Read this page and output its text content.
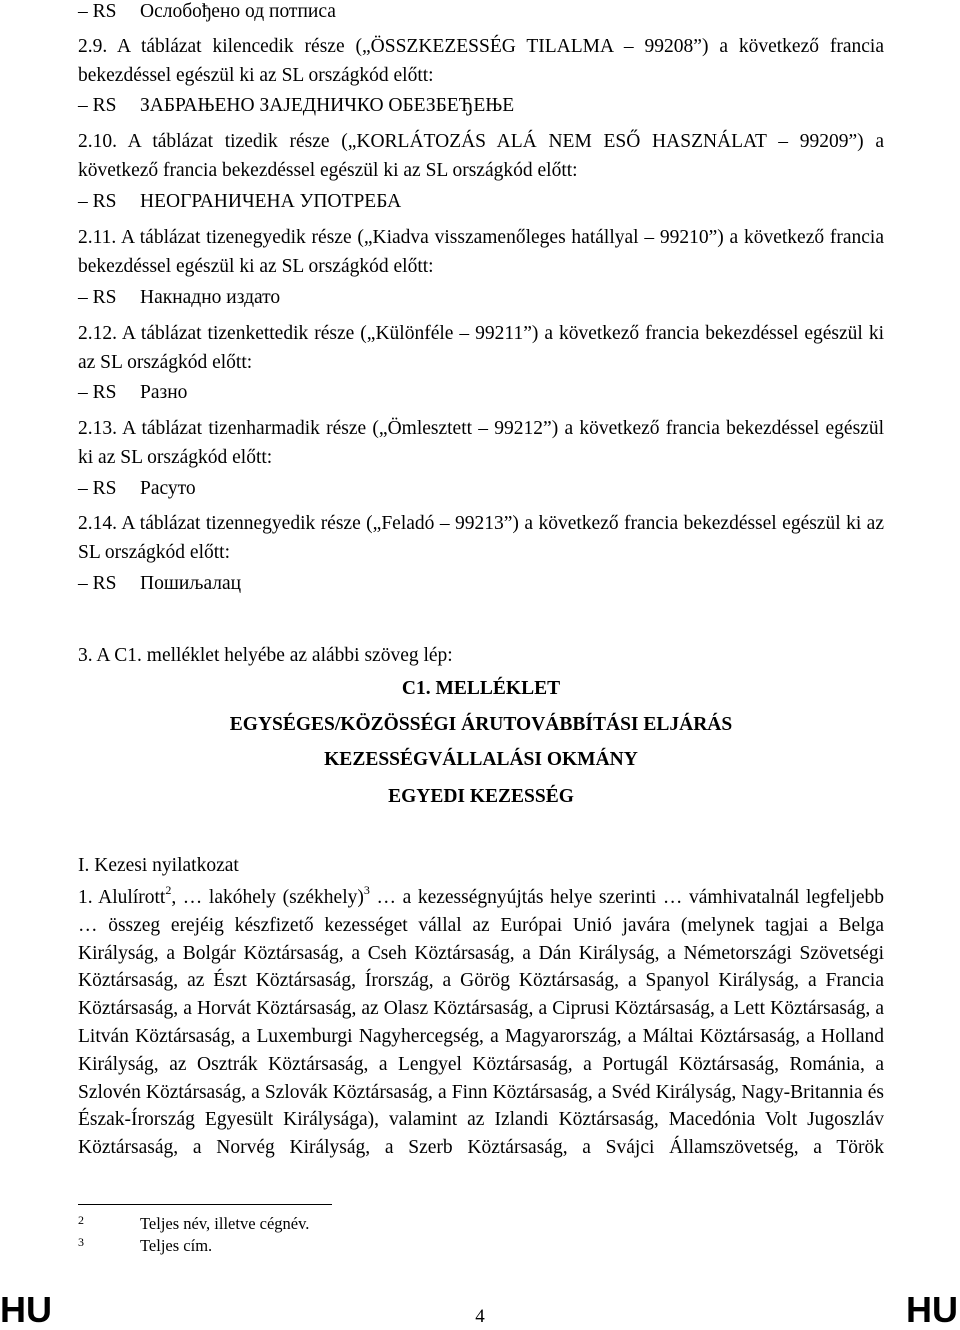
– RS Ослобођено од потписа
2.9. A táblázat kilencedik része („ÖSSZKEZESSÉG TILALMA – 99208”) a következő francia bekezdéssel egészül ki az SL országkód előtt:
– RS ЗАБРАЊЕНО ЗАЈЕДНИЧКО ОБЕЗБЕЂЕЊЕ
2.10. A táblázat tizedik része („KORLÁTOZÁS ALÁ NEM ESŐ HASZNÁLAT – 99209”) a következő francia bekezdéssel egészül ki az SL országkód előtt:
– RS НЕОГРАНИЧЕНА УПОТРЕБА
2.11. A táblázat tizenegyedik része („Kiadva visszamenőleges hatállyal – 99210”) a következő francia bekezdéssel egészül ki az SL országkód előtt:
– RS Накнадно издато
2.12. A táblázat tizenkettedik része („Különféle – 99211”) a következő francia bekezdéssel egészül ki az SL országkód előtt:
– RS Разно
2.13. A táblázat tizenharmadik része („Ömlesztett – 99212”) a következő francia bekezdéssel egészül ki az SL országkód előtt:
– RS Расуто
2.14. A táblázat tizennegyedik része („Feladó – 99213”) a következő francia bekezdéssel egészül ki az SL országkód előtt:
– RS Пошиљалац
3. A C1. melléklet helyébe az alábbi szöveg lép:
C1. MELLÉKLET
EGYSÉGES/KÖZÖSSÉGI ÁRUTOVÁBBÍTÁSI ELJÁRÁS
KEZESSÉGVÁLLALÁSI OKMÁNY
EGYEDI KEZESSÉG
I. Kezesi nyilatkozat
1. Alulírott$^2$, … lakóhely (székhely)$^3$ … a kezességnyújtás helye szerinti … vámhivatalnál legfeljebb … összeg erejéig készfizető kezességet vállal az Európai Unió javára (melynek tagjai a Belga Királyság, a Bolgár Köztársaság, a Cseh Köztársaság, a Dán Királyság, a Németországi Szövetségi Köztársaság, az Észt Köztársaság, Írország, a Görög Köztársaság, a Spanyol Királyság, a Francia Köztársaság, a Horvát Köztársaság, az Olasz Köztársaság, a Ciprusi Köztársaság, a Lett Köztársaság, a Litván Köztársaság, a Luxemburgi Nagyhercegség, a Magyarország, a Máltai Köztársaság, a Holland Királyság, az Osztrák Köztársaság, a Lengyel Köztársaság, a Portugál Köztársaság, Románia, a Szlovén Köztársaság, a Szlovák Köztársaság, a Finn Köztársaság, a Svéd Királyság, Nagy-Britannia és Észak-Írország Egyesült Királysága), valamint az Izlandi Köztársaság, Macedónia Volt Jugoszláv Köztársaság, a Norvég Királyság, a Szerb Köztársaság, a Svájci Államszövetség, a Török
2	Teljes név, illetve cégnév.
3	Teljes cím.
HU	4	HU
